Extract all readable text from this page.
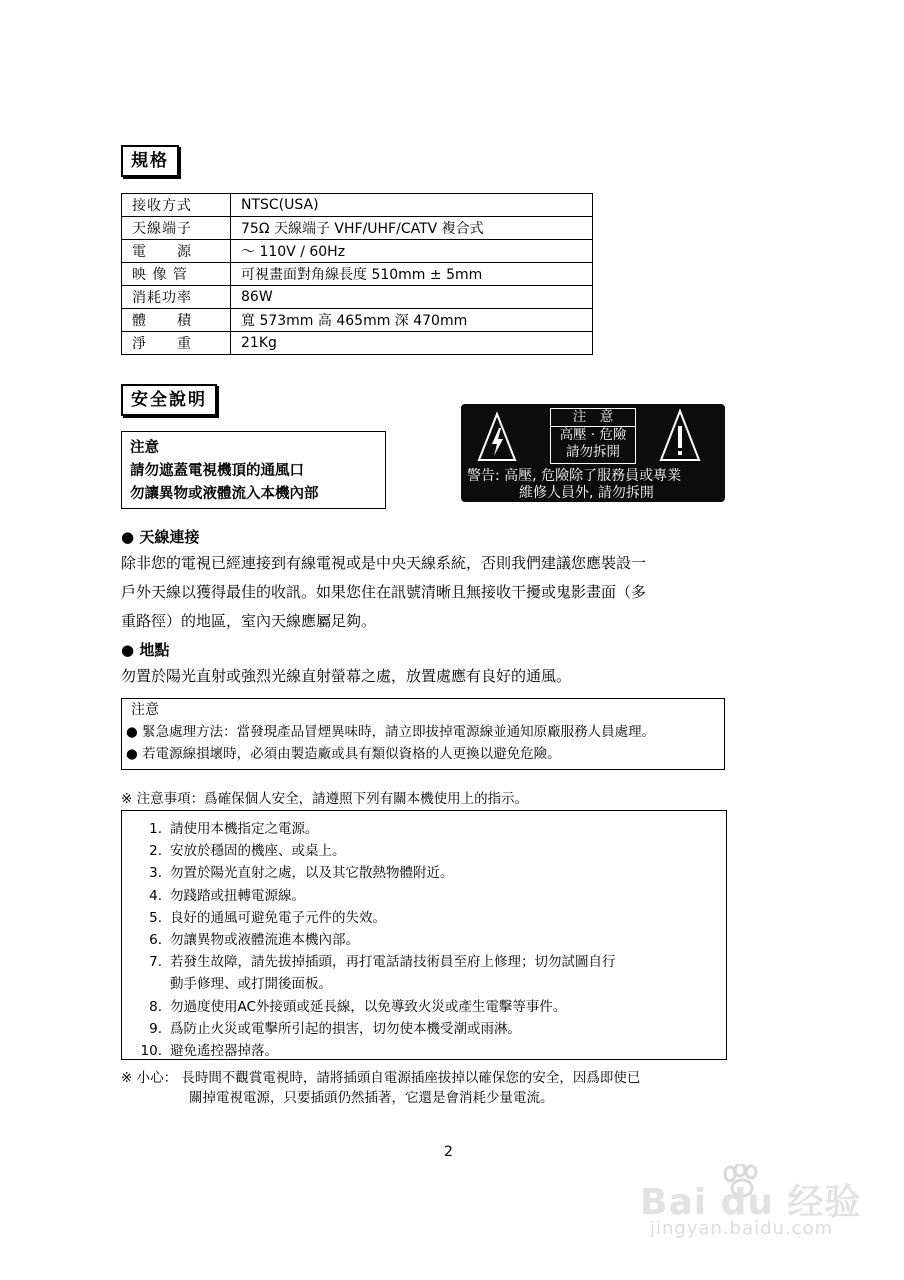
規格
接收方式	NTSC(USA)
天線端子	75Ω 天線端子 VHF/UHF/CATV 複合式
電　　源	～ 110V / 60Hz
映 像 管	可視畫面對角線長度 510mm ± 5mm
消耗功率	86W
體　　積	寬 573mm 高 465mm 深 470mm
淨　　重	21Kg
安全說明
注意
請勿遮蓋電視機頂的通風口
勿讓異物或液體流入本機內部
注　意
高壓 · 危險
請勿拆開
警告: 高壓, 危險除了服務員或專業
維修人員外, 請勿拆開
● 天線連接
除非您的電視已經連接到有線電視或是中央天線系統，否則我們建議您應裝設一
戶外天線以獲得最佳的收訊。如果您住在訊號清晰且無接收干擾或鬼影畫面（多
重路徑）的地區，室內天線應屬足夠。
● 地點
勿置於陽光直射或強烈光線直射螢幕之處，放置處應有良好的通風。
注意
● 緊急處理方法：當發現產品冒煙異味時，請立即拔掉電源線並通知原廠服務人員處理。
● 若電源線損壞時，必須由製造廠或具有類似資格的人更換以避免危險。
※ 注意事項：爲確保個人安全，請遵照下列有關本機使用上的指示。
1. 請使用本機指定之電源。
2. 安放於穩固的機座、或桌上。
3. 勿置於陽光直射之處，以及其它散熱物體附近。
4. 勿踐踏或扭轉電源線。
5. 良好的通風可避免電子元件的失效。
6. 勿讓異物或液體流進本機內部。
7. 若發生故障，請先拔掉插頭，再打電話請技術員至府上修理；切勿試圖自行
動手修理、或打開後面板。
8. 勿過度使用AC外接頭或延長線，以免導致火災或產生電擊等事件。
9. 爲防止火災或電擊所引起的損害，切勿使本機受潮或雨淋。
10. 避免遙控器掉落。
※ 小心： 長時間不觀賞電視時，請將插頭自電源插座拔掉以確保您的安全，因爲即使已
關掉電視電源，只要插頭仍然插著，它還是會消耗少量電流。
2
Bai du 经验
jingyan.baidu.com
